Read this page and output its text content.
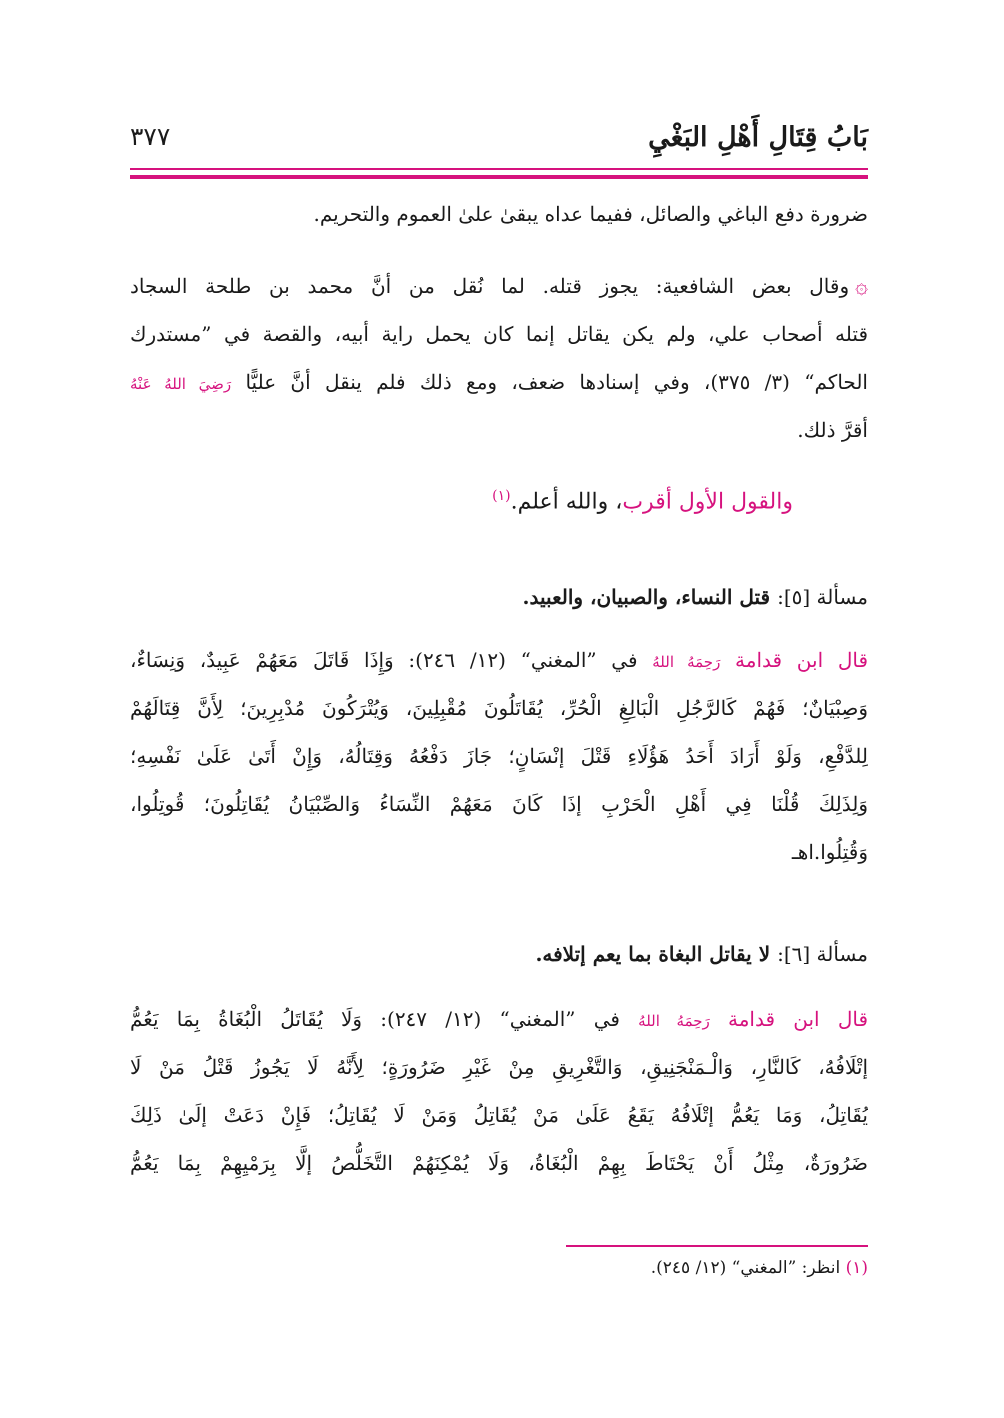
بَابُ قِتَالِ أَهْلِ البَغْيِ
٣٧٧
ضرورة دفع الباغي والصائل، ففيما عداه يبقىٰ علىٰ العموم والتحريم.
۞وقال بعض الشافعية: يجوز قتله. لما نُقل من أنَّ محمد بن طلحة السجاد
قتله أصحاب علي، ولم يكن يقاتل إنما كان يحمل راية أبيه، والقصة في ”مستدرك
الحاكم“ (٣/ ٣٧٥)، وفي إسنادها ضعف، ومع ذلك فلم ينقل أنَّ عليًّا رَضِيَ اللهُ عَنْهُ
أقرَّ ذلك.
والقول الأول أقرب، والله أعلم.$^{(١)}$
مسألة [٥]: قتل النساء، والصبيان، والعبيد.
قال ابن قدامة رَحِمَهُ اللهُ في ”المغني“ (١٢/ ٢٤٦): وَإِذَا قَاتَلَ مَعَهُمْ عَبِيدٌ، وَنِسَاءٌ،
وَصِبْيَانٌ؛ فَهُمْ كَالرَّجُلِ الْبَالِغِ الْحُرِّ، يُقَاتَلُونَ مُقْبِلِينَ، وَيُتْرَكُونَ مُدْبِرِينَ؛ لِأَنَّ قِتَالَهُمْ
لِلدَّفْعِ، وَلَوْ أَرَادَ أَحَدُ هَؤُلَاءِ قَتْلَ إنْسَانٍ؛ جَازَ دَفْعُهُ وَقِتَالُهُ، وَإِنْ أَتَىٰ عَلَىٰ نَفْسِهِ؛
وَلِذَلِكَ قُلْنَا فِي أَهْلِ الْحَرْبِ إذَا كَانَ مَعَهُمْ النِّسَاءُ وَالصِّبْيَانُ يُقَاتِلُونَ؛ قُوتِلُوا،
وَقُتِلُوا.اهـ
مسألة [٦]: لا يقاتل البغاة بما يعم إتلافه.
قال ابن قدامة رَحِمَهُ اللهُ في ”المغني“ (١٢/ ٢٤٧): وَلَا يُقَاتَلُ الْبُغَاةُ بِمَا يَعُمُّ
إتْلَافُهُ، كَالنَّارِ، وَالْـمَنْجَنِيقِ، وَالتَّغْرِيقِ مِنْ غَيْرِ ضَرُورَةٍ؛ لِأَنَّهُ لَا يَجُوزُ قَتْلُ مَنْ لَا
يُقَاتِلُ، وَمَا يَعُمُّ إتْلَافُهُ يَقَعُ عَلَىٰ مَنْ يُقَاتِلُ وَمَنْ لَا يُقَاتِلُ؛ فَإِنْ دَعَتْ إلَىٰ ذَلِكَ
ضَرُورَةٌ، مِثْلُ أَنْ يَحْتَاطَ بِهِمْ الْبُغَاةُ، وَلَا يُمْكِنَهُمْ التَّخَلُّصُ إلَّا بِرَمْيِهِمْ بِمَا يَعُمُّ
(١) انظر: ”المغني“ (١٢/ ٢٤٥).
